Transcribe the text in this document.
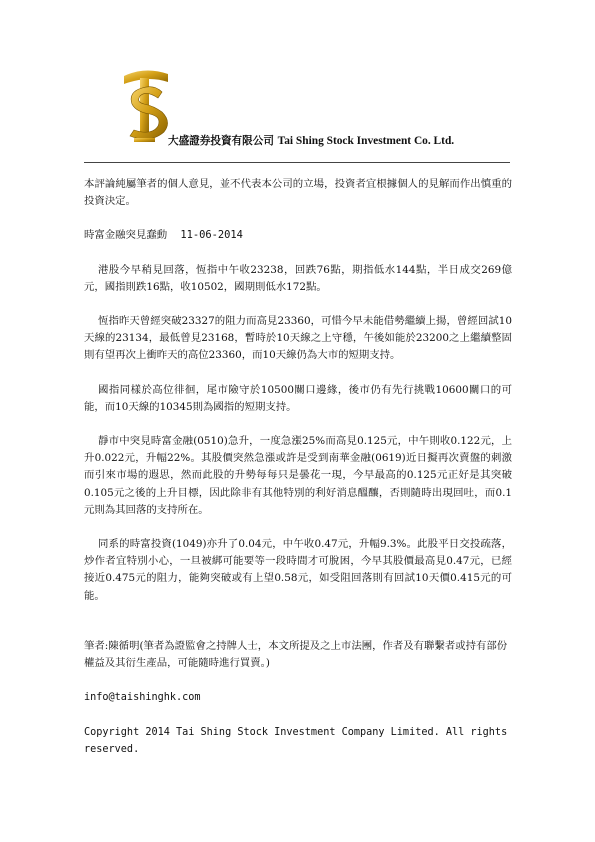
大盛證券投資有限公司 Tai Shing Stock Investment Co. Ltd.

本評論純屬筆者的個人意見，並不代表本公司的立場，投資者宜根據個人的見解而作出慎重的投資決定。

時富金融突見蠢動 11-06-2014

港股今早稍見回落，恆指中午收23238，回跌76點，期指低水144點，半日成交269億元，國指則跌16點，收10502，國期則低水172點。

恆指昨天曾經突破23327的阻力而高見23360，可惜今早未能借勢繼續上揚，曾經回試10天線的23134，最低曾見23168，暫時於10天線之上守穩，午後如能於23200之上繼續整固則有望再次上衝昨天的高位23360，而10天線仍為大市的短期支持。

國指同樣於高位徘徊，尾市險守於10500關口邊緣，後市仍有先行挑戰10600關口的可能，而10天線的10345則為國指的短期支持。

靜市中突見時富金融(0510)急升，一度急漲25%而高見0.125元，中午則收0.122元，上升0.022元，升幅22%。其股價突然急漲或許是受到南華金融(0619)近日擬再次賣盤的刺激而引來市場的遐思，然而此股的升勢每每只是曇花一現，今早最高的0.125元正好是其突破0.105元之後的上升目標，因此除非有其他特別的利好消息醞釀，否則隨時出現回吐，而0.1元則為其回落的支持所在。

同系的時富投資(1049)亦升了0.04元，中午收0.47元，升幅9.3%。此股平日交投疏落，炒作者宜特別小心，一旦被綁可能要等一段時間才可脫困，今早其股價最高見0.47元，已經接近0.475元的阻力，能夠突破或有上望0.58元，如受阻回落則有回試10天價0.415元的可能。

筆者:陳循明(筆者為證監會之持牌人士，本文所提及之上市法團，作者及有聯繫者或持有部份權益及其衍生產品，可能隨時進行買賣。)

info@taishinghk.com

Copyright 2014 Tai Shing Stock Investment Company Limited. All rights reserved.
